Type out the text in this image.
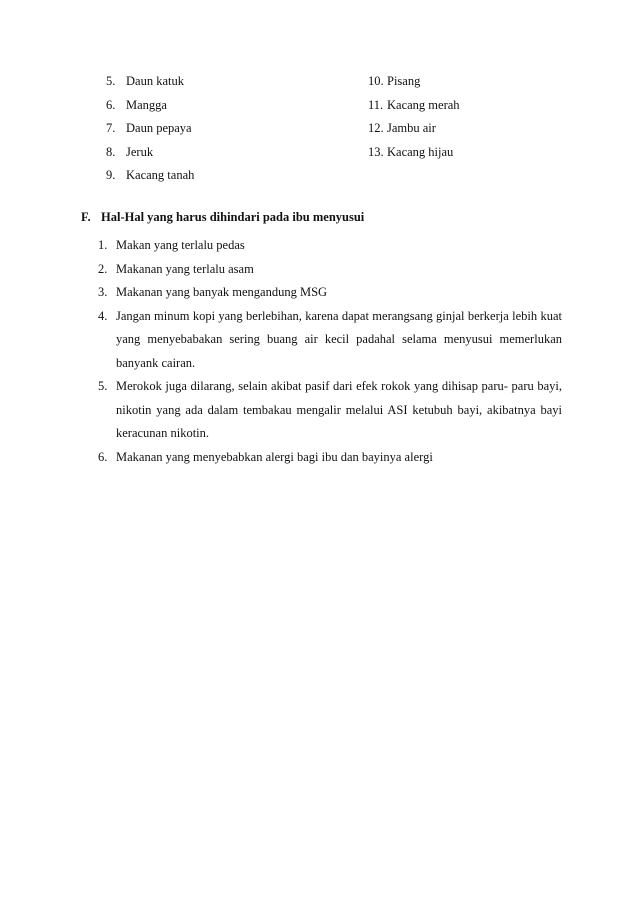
5. Daun katuk	10. Pisang
6. Mangga	11. Kacang merah
7. Daun pepaya	12. Jambu air
8. Jeruk	13. Kacang hijau
9. Kacang tanah
F. Hal-Hal yang harus dihindari pada ibu menyusui
1. Makan yang terlalu pedas
2. Makanan yang terlalu asam
3. Makanan yang banyak mengandung MSG
4. Jangan minum kopi yang berlebihan, karena dapat merangsang ginjal berkerja lebih kuat yang menyebabakan sering buang air kecil padahal selama menyusui memerlukan banyank cairan.
5. Merokok juga dilarang, selain akibat pasif dari efek rokok yang dihisap paru- paru bayi, nikotin yang ada dalam tembakau mengalir melalui ASI ketubuh bayi, akibatnya bayi keracunan nikotin.
6. Makanan yang menyebabkan alergi bagi ibu dan bayinya alergi
